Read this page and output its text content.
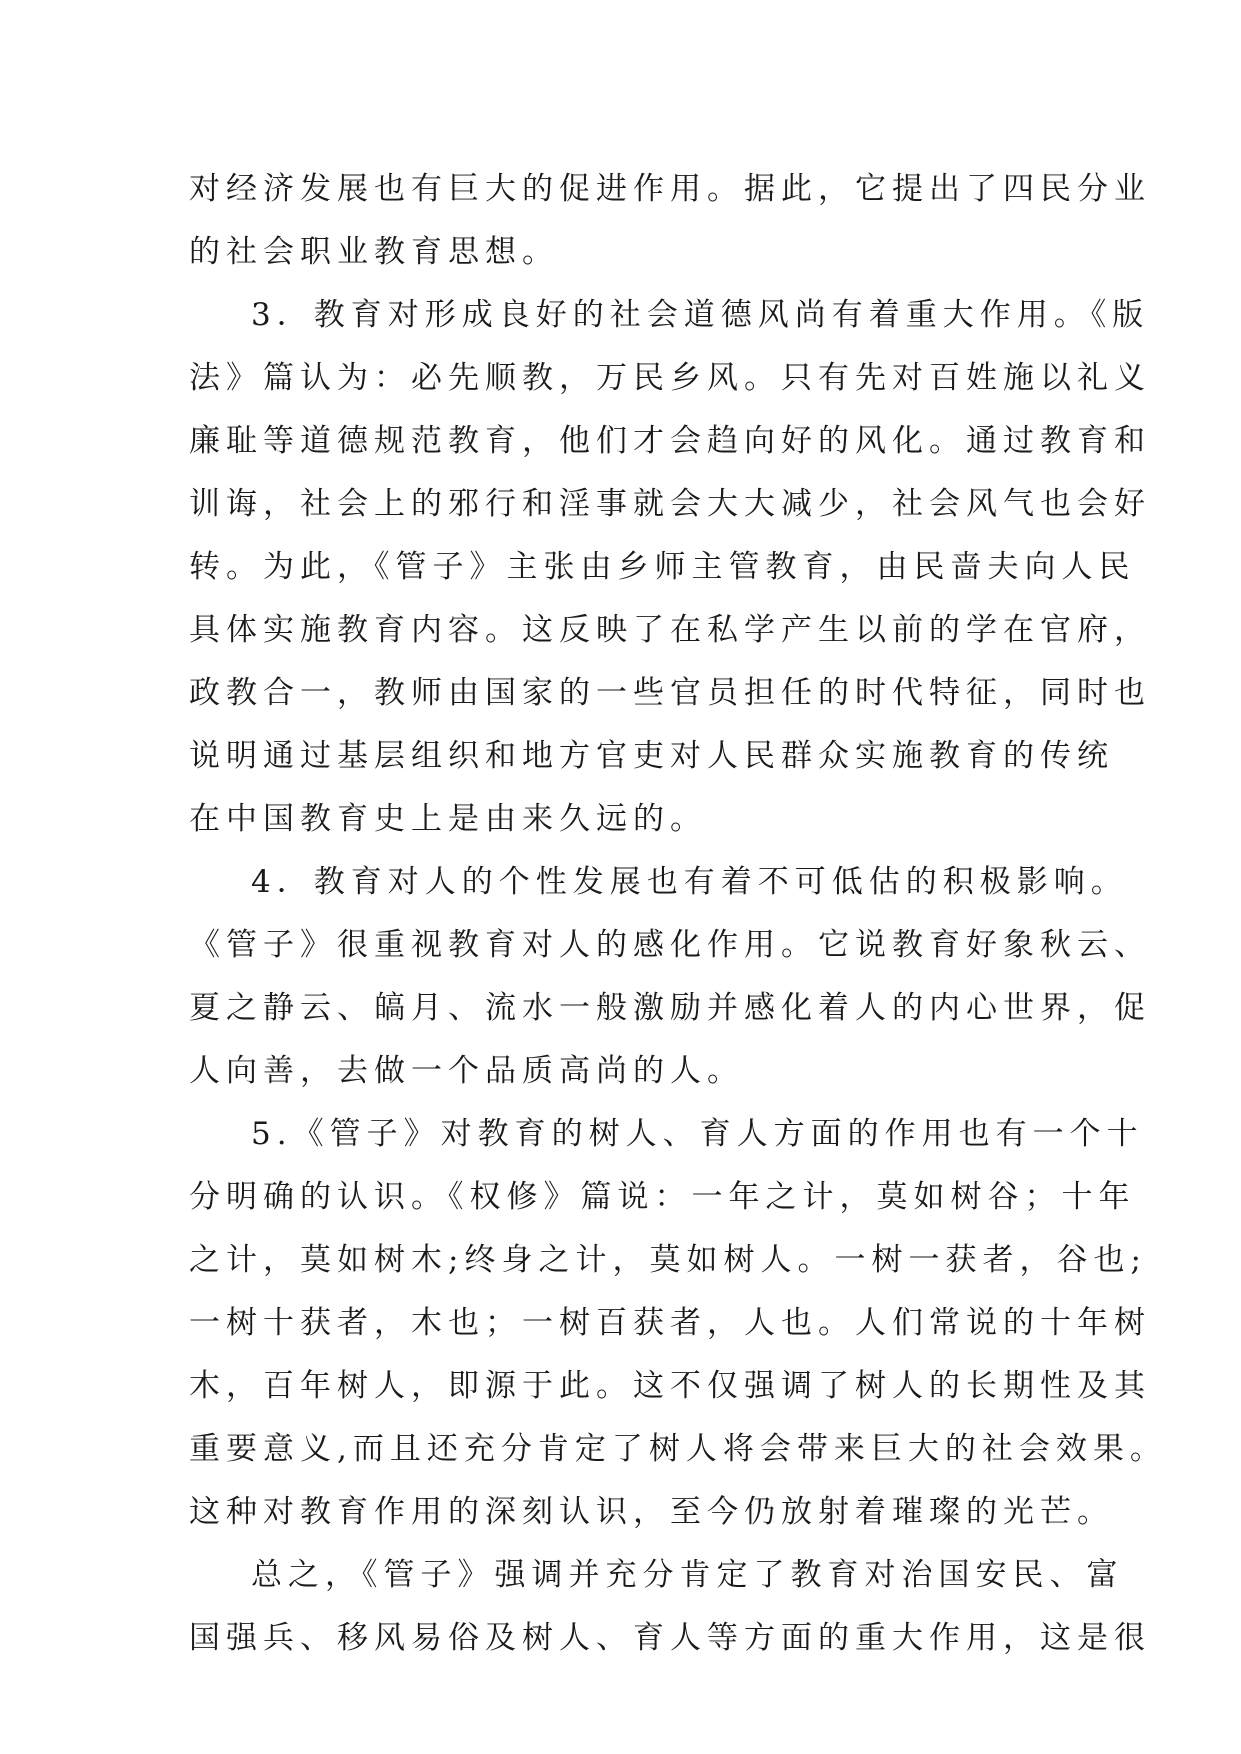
对经济发展也有巨大的促进作用。据此，它提出了四民分业
的社会职业教育思想。
3．教育对形成良好的社会道德风尚有着重大作用。《版
法》篇认为：必先顺教，万民乡风。只有先对百姓施以礼义
廉耻等道德规范教育，他们才会趋向好的风化。通过教育和
训诲，社会上的邪行和淫事就会大大减少，社会风气也会好
转。为此，《管子》主张由乡师主管教育，由民啬夫向人民
具体实施教育内容。这反映了在私学产生以前的学在官府，
政教合一，教师由国家的一些官员担任的时代特征，同时也
说明通过基层组织和地方官吏对人民群众实施教育的传统
在中国教育史上是由来久远的。
4．教育对人的个性发展也有着不可低估的积极影响。
《管子》很重视教育对人的感化作用。它说教育好象秋云、
夏之静云、皜月、流水一般激励并感化着人的内心世界，促
人向善，去做一个品质高尚的人。
5.《管子》对教育的树人、育人方面的作用也有一个十
分明确的认识。《权修》篇说：一年之计，莫如树谷；十年
之计，莫如树木;终身之计，莫如树人。一树一获者，谷也;
一树十获者，木也；一树百获者，人也。人们常说的十年树
木，百年树人，即源于此。这不仅强调了树人的长期性及其
重要意义,而且还充分肯定了树人将会带来巨大的社会效果。
这种对教育作用的深刻认识，至今仍放射着璀璨的光芒。
总之，《管子》强调并充分肯定了教育对治国安民、富
国强兵、移风易俗及树人、育人等方面的重大作用，这是很
